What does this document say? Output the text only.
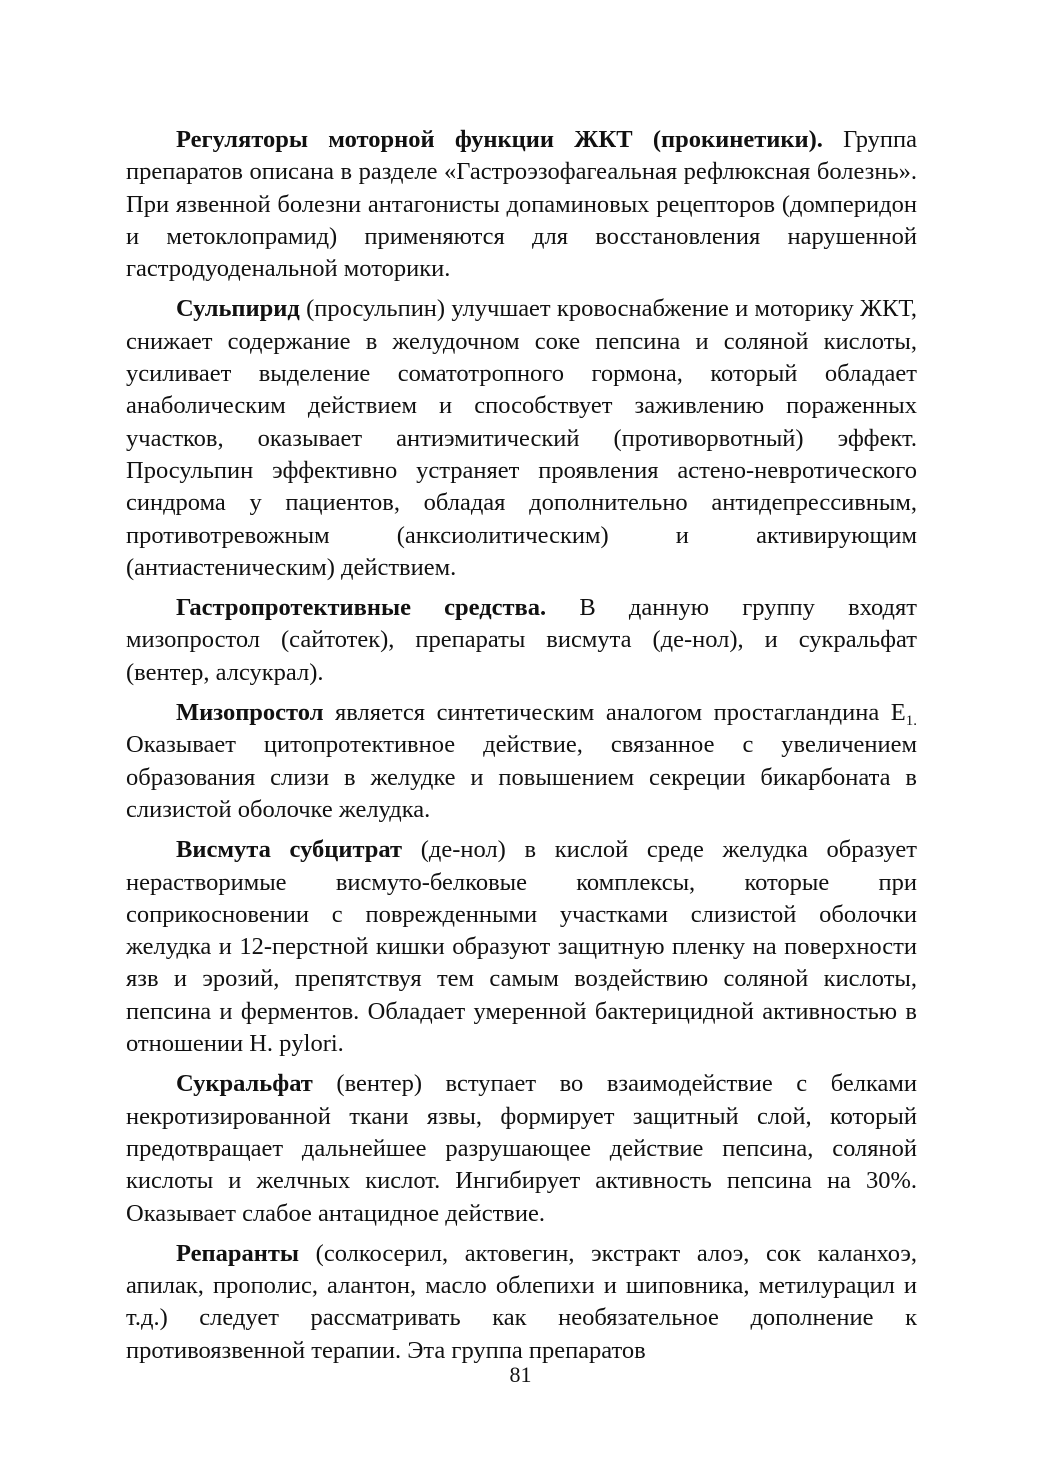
Регуляторы моторной функции ЖКТ (прокинетики). Группа препаратов описана в разделе «Гастроэзофагеальная рефлюксная болезнь». При язвенной болезни антагонисты допаминовых рецепторов (домперидон и метоклопрамид) применяются для восстановления нарушенной гастродуоденальной моторики.

Сульпирид (просульпин) улучшает кровоснабжение и моторику ЖКТ, снижает содержание в желудочном соке пепсина и соляной кислоты, усиливает выделение соматотропного гормона, который обладает анаболическим действием и способствует заживлению пораженных участков, оказывает антиэмитический (противорвотный) эффект. Просульпин эффективно устраняет проявления астено-невротического синдрома у пациентов, обладая дополнительно антидепрессивным, противотревожным (анксиолитическим) и активирующим (антиастеническим) действием.

Гастропротективные средства. В данную группу входят мизопростол (сайтотек), препараты висмута (де-нол), и сукральфат (вентер, алсукрал).

Мизопростол является синтетическим аналогом простагландина $Е_{1.}$ Оказывает цитопротективное действие, связанное с увеличением образования слизи в желудке и повышением секреции бикарбоната в слизистой оболочке желудка.

Висмута субцитрат (де-нол) в кислой среде желудка образует нерастворимые висмуто-белковые комплексы, которые при соприкосновении с поврежденными участками слизистой оболочки желудка и 12-перстной кишки образуют защитную пленку на поверхности язв и эрозий, препятствуя тем самым воздействию соляной кислоты, пепсина и ферментов. Обладает умеренной бактерицидной активностью в отношении H. pylori.

Сукральфат (вентер) вступает во взаимодействие с белками некротизированной ткани язвы, формирует защитный слой, который предотвращает дальнейшее разрушающее действие пепсина, соляной кислоты и желчных кислот. Ингибирует активность пепсина на 30%. Оказывает слабое антацидное действие.

Репаранты (солкосерил, актовегин, экстракт алоэ, сок каланхоэ, апилак, прополис, алантон, масло облепихи и шиповника, метилурацил и т.д.) следует рассматривать как необязательное дополнение к противоязвенной терапии. Эта группа препаратов

81
